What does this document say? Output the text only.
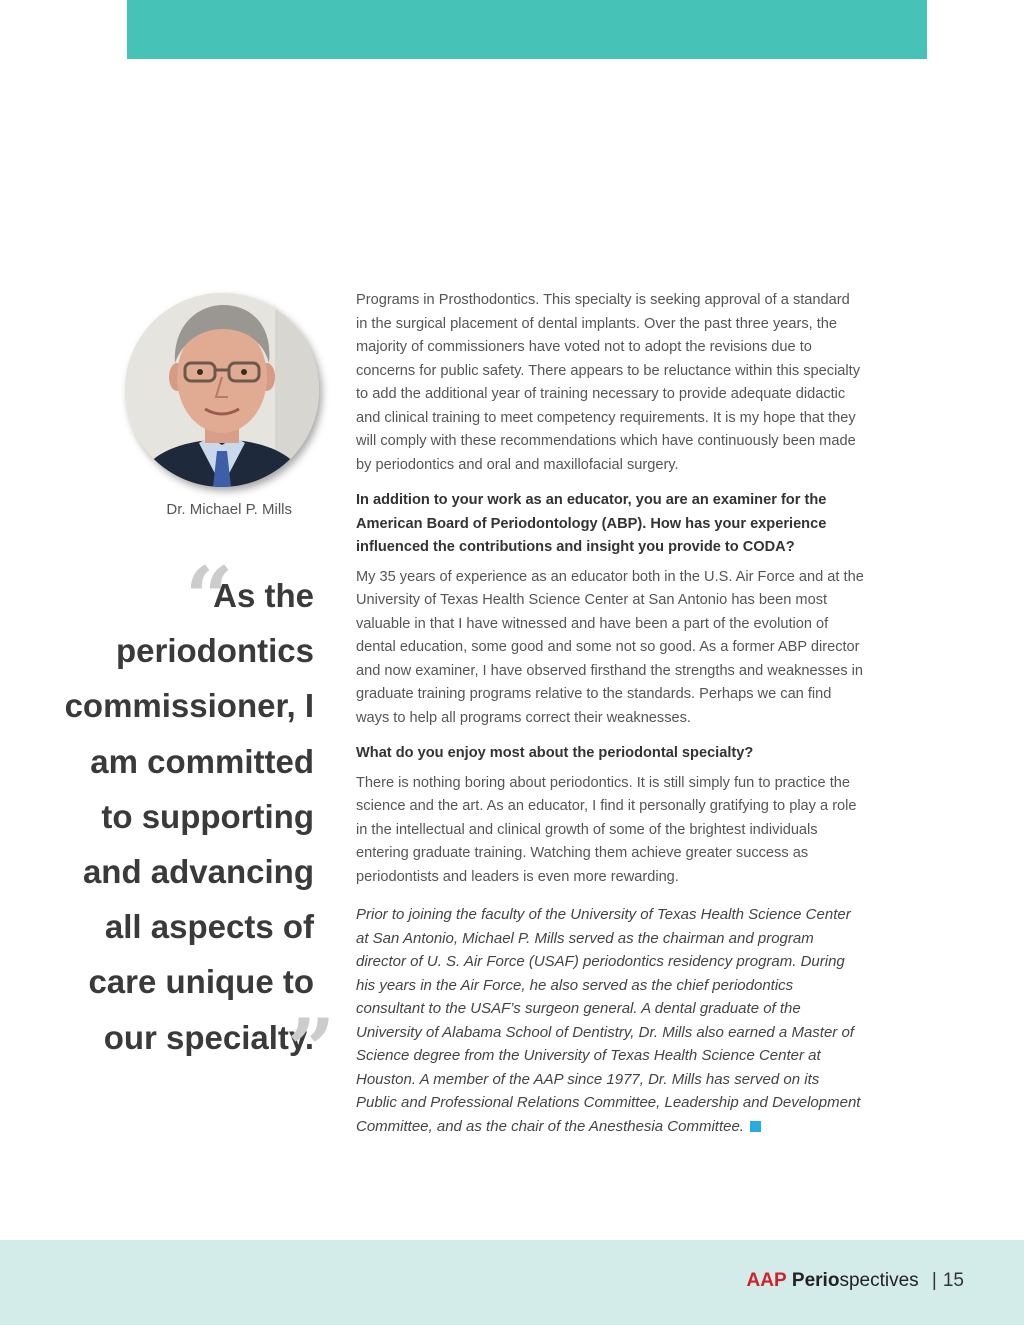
Dr. Michael P. Mills
“
As the
periodontics
commissioner, I
am committed
to supporting
and advancing
all aspects of
care unique to
our specialty.
”

Programs in Prosthodontics. This specialty is seeking approval of a standard in the surgical placement of dental implants. Over the past three years, the majority of commissioners have voted not to adopt the revisions due to concerns for public safety. There appears to be reluctance within this specialty to add the additional year of training necessary to provide adequate didactic and clinical training to meet competency requirements. It is my hope that they will comply with these recommendations which have continuously been made by periodontics and oral and maxillofacial surgery.

In addition to your work as an educator, you are an examiner for the American Board of Periodontology (ABP). How has your experience influenced the contributions and insight you provide to CODA?

My 35 years of experience as an educator both in the U.S. Air Force and at the University of Texas Health Science Center at San Antonio has been most valuable in that I have witnessed and have been a part of the evolution of dental education, some good and some not so good. As a former ABP director and now examiner, I have observed firsthand the strengths and weaknesses in graduate training programs relative to the standards. Perhaps we can find ways to help all programs correct their weaknesses.

What do you enjoy most about the periodontal specialty?

There is nothing boring about periodontics. It is still simply fun to practice the science and the art. As an educator, I find it personally gratifying to play a role in the intellectual and clinical growth of some of the brightest individuals entering graduate training. Watching them achieve greater success as periodontists and leaders is even more rewarding.

Prior to joining the faculty of the University of Texas Health Science Center at San Antonio, Michael P. Mills served as the chairman and program director of U. S. Air Force (USAF) periodontics residency program. During his years in the Air Force, he also served as the chief periodontics consultant to the USAF’s surgeon general. A dental graduate of the University of Alabama School of Dentistry, Dr. Mills also earned a Master of Science degree from the University of Texas Health Science Center at Houston. A member of the AAP since 1977, Dr. Mills has served on its Public and Professional Relations Committee, Leadership and Development Committee, and as the chair of the Anesthesia Committee.

AAP Periospectives | 15
